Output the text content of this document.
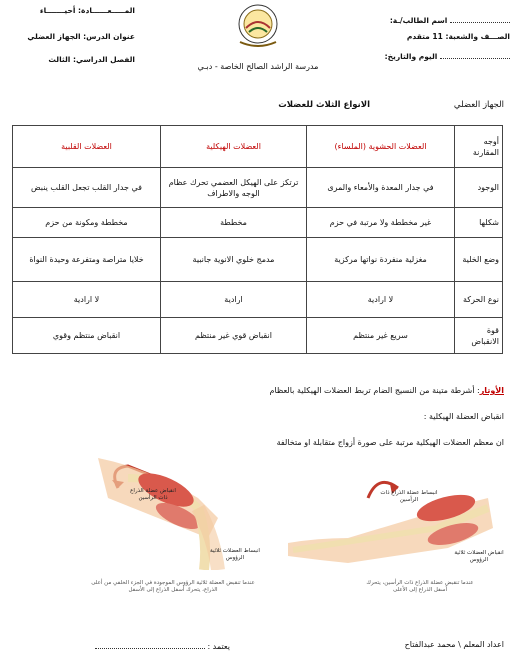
المـــــعــــــادة: أحيـــــــاء
عنوان الدرس: الجهاز العضلي
الفصل الدراسي: الثالث
اسم الطالب/ـة:
الصـــف والشعبة: 11 متقدم
اليوم والتاريخ:
مدرسة الراشد الصالح الخاصة - دبـي
الجهاز العضلي
الانواع الثلاث للعضلات
أوجه المقارنة	العضلات الحشوية (الملساء)	العضلات الهيكلية	العضلات القلبية
الوجود	في جدار المعدة والأمعاء والمرى	ترتكز على الهيكل العضمي تحرك عظام الوجه والاطراف	في جدار القلب تجعل القلب ينبض
شكلها	غير مخططة ولا مرتبة في حزم	مخططة	مخططة ومكونة من حزم
وضع الخلية	مغزلية منفردة نواتها مركزية	مدمج خلوي الانوية جانبية	خلايا متراصة ومتفرعة وحيدة النواة
نوع الحركة	لا ارادية	ارادية	لا ارادية
قوة الانقباض	سريع غير منتظم	انقباض قوي غير منتظم	انقباض منتظم وقوي
الأوتار: أشرطة متينة من النسيج الضام تربط العضلات الهيكلية بالعظام
انقباض العضلة الهيكلية :
ان معظم العضلات الهيكلية مرتبة على صورة أزواج متقابلة او متخالفة
انقباض عضلة الذراع ذات الرأسين
انبساط العضلات ثلاثية الرؤوس
عندما تنقبض العضلة ثلاثية الرؤوس الموجودة في الجزء الخلفي من أعلى الذراع، يتحرك أسفل الذراع إلى الأسفل
انبساط عضلة الذراع ذات الرأسين
انقباض العضلات ثلاثية الرؤوس
عندما تنقبض عضلة الذراع ذات الرأسين، يتحرك أسفل الذراع إلى الأعلى
اعداد المعلم \ محمد عبدالفتاح
يعتمد :
